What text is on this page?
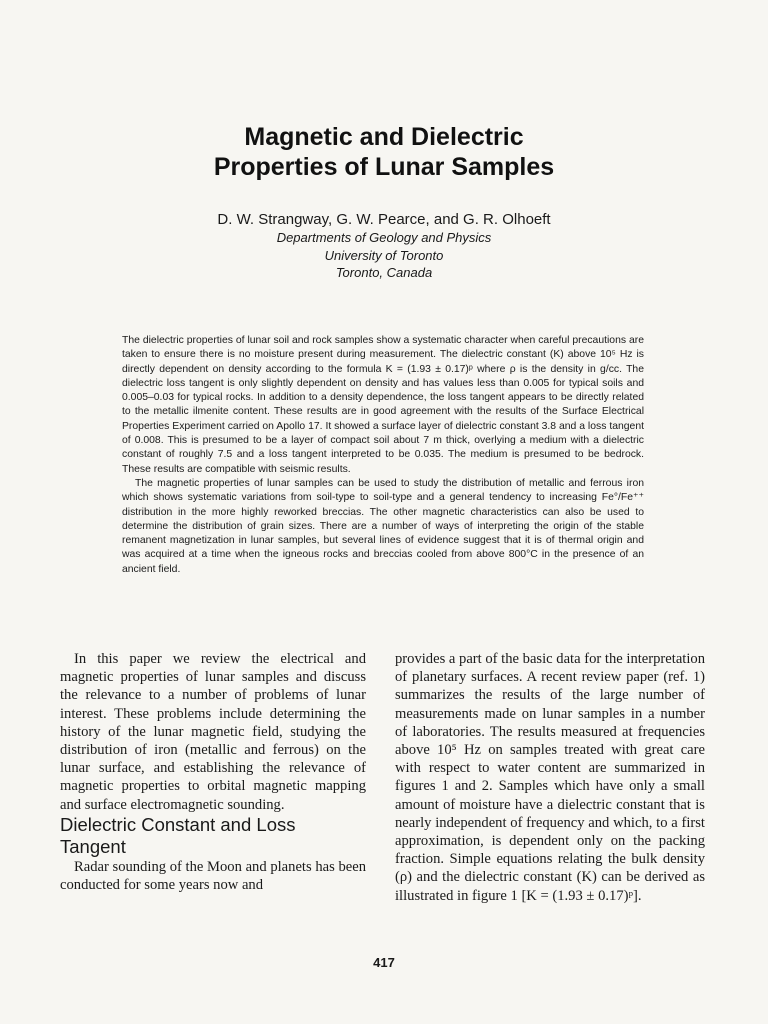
Magnetic and Dielectric
Properties of Lunar Samples
D. W. Strangway, G. W. Pearce, and G. R. Olhoeft
Departments of Geology and Physics
University of Toronto
Toronto, Canada

The dielectric properties of lunar soil and rock samples show a systematic character when careful precautions are taken to ensure there is no moisture present during measurement. The dielectric constant (K) above 10⁵ Hz is directly dependent on density according to the formula K = (1.93 ± 0.17)ᵖ where ρ is the density in g/cc. The dielectric loss tangent is only slightly dependent on density and has values less than 0.005 for typical soils and 0.005–0.03 for typical rocks. In addition to a density dependence, the loss tangent appears to be directly related to the metallic ilmenite content. These results are in good agreement with the results of the Surface Electrical Properties Experiment carried on Apollo 17. It showed a surface layer of dielectric constant 3.8 and a loss tangent of 0.008. This is presumed to be a layer of compact soil about 7 m thick, overlying a medium with a dielectric constant of roughly 7.5 and a loss tangent interpreted to be 0.035. The medium is presumed to be bedrock. These results are compatible with seismic results.

The magnetic properties of lunar samples can be used to study the distribution of metallic and ferrous iron which shows systematic variations from soil-type to soil-type and a general tendency to increasing Fe°/Fe⁺⁺ distribution in the more highly reworked breccias. The other magnetic characteristics can also be used to determine the distribution of grain sizes. There are a number of ways of interpreting the origin of the stable remanent magnetization in lunar samples, but several lines of evidence suggest that it is of thermal origin and was acquired at a time when the igneous rocks and breccias cooled from above 800°C in the presence of an ancient field.

In this paper we review the electrical and magnetic properties of lunar samples and discuss the relevance to a number of problems of lunar interest. These problems include determining the history of the lunar magnetic field, studying the distribution of iron (metallic and ferrous) on the lunar surface, and establishing the relevance of magnetic properties to orbital magnetic mapping and surface electromagnetic sounding.

Dielectric Constant and Loss Tangent

Radar sounding of the Moon and planets has been conducted for some years now and

provides a part of the basic data for the interpretation of planetary surfaces. A recent review paper (ref. 1) summarizes the results of the large number of measurements made on lunar samples in a number of laboratories. The results measured at frequencies above 10⁵ Hz on samples treated with great care with respect to water content are summarized in figures 1 and 2. Samples which have only a small amount of moisture have a dielectric constant that is nearly independent of frequency and which, to a first approximation, is dependent only on the packing fraction. Simple equations relating the bulk density (ρ) and the dielectric constant (K) can be derived as illustrated in figure 1 [K = (1.93 ± 0.17)ᵖ].

417
